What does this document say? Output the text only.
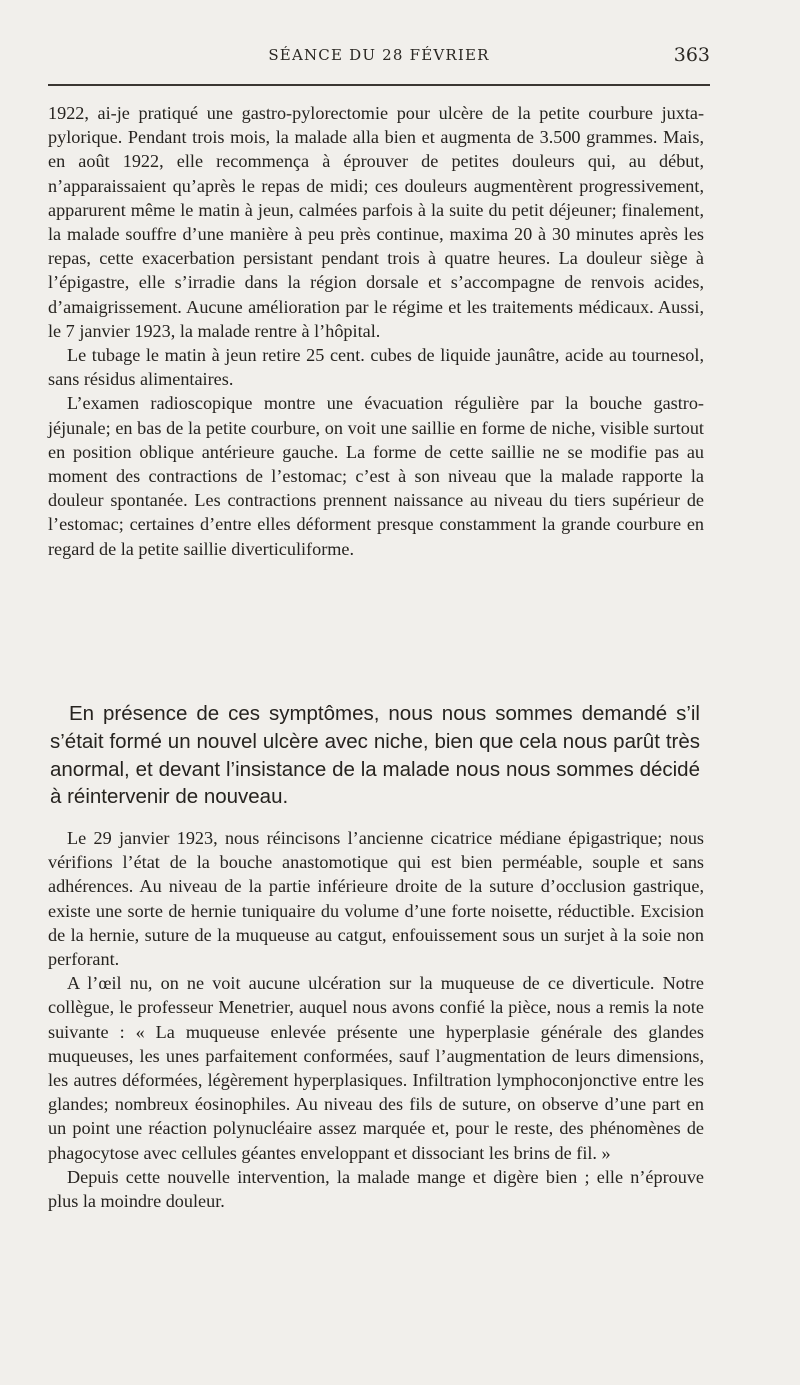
SÉANCE DU 28 FÉVRIER	363

1922, ai-je pratiqué une gastro-pylorectomie pour ulcère de la petite courbure juxta-pylorique. Pendant trois mois, la malade alla bien et augmenta de 3.500 grammes. Mais, en août 1922, elle recommença à éprouver de petites douleurs qui, au début, n’apparaissaient qu’après le repas de midi; ces douleurs augmentèrent progressivement, apparurent même le matin à jeun, calmées parfois à la suite du petit déjeuner; finalement, la malade souffre d’une manière à peu près continue, maxima 20 à 30 minutes après les repas, cette exacerbation persistant pendant trois à quatre heures. La douleur siège à l’épigastre, elle s’irradie dans la région dorsale et s’accompagne de renvois acides, d’amaigrissement. Aucune amélioration par le régime et les traitements médicaux. Aussi, le 7 janvier 1923, la malade rentre à l’hôpital.

Le tubage le matin à jeun retire 25 cent. cubes de liquide jaunâtre, acide au tournesol, sans résidus alimentaires.

L’examen radioscopique montre une évacuation régulière par la bouche gastro-jéjunale; en bas de la petite courbure, on voit une saillie en forme de niche, visible surtout en position oblique antérieure gauche. La forme de cette saillie ne se modifie pas au moment des contractions de l’estomac; c’est à son niveau que la malade rapporte la douleur spontanée. Les contractions prennent naissance au niveau du tiers supérieur de l’estomac; certaines d’entre elles déforment presque constamment la grande courbure en regard de la petite saillie diverticuliforme.

En présence de ces symptômes, nous nous sommes demandé s’il s’était formé un nouvel ulcère avec niche, bien que cela nous parût très anormal, et devant l’insistance de la malade nous nous sommes décidé à réintervenir de nouveau.

Le 29 janvier 1923, nous réincisons l’ancienne cicatrice médiane épigastrique; nous vérifions l’état de la bouche anastomotique qui est bien perméable, souple et sans adhérences. Au niveau de la partie inférieure droite de la suture d’occlusion gastrique, existe une sorte de hernie tuniquaire du volume d’une forte noisette, réductible. Excision de la hernie, suture de la muqueuse au catgut, enfouissement sous un surjet à la soie non perforant.

A l’œil nu, on ne voit aucune ulcération sur la muqueuse de ce diverticule. Notre collègue, le professeur Menetrier, auquel nous avons confié la pièce, nous a remis la note suivante : « La muqueuse enlevée présente une hyperplasie générale des glandes muqueuses, les unes parfaitement conformées, sauf l’augmentation de leurs dimensions, les autres déformées, légèrement hyperplasiques. Infiltration lymphoconjonctive entre les glandes; nombreux éosinophiles. Au niveau des fils de suture, on observe d’une part en un point une réaction polynucléaire assez marquée et, pour le reste, des phénomènes de phagocytose avec cellules géantes enveloppant et dissociant les brins de fil. »

Depuis cette nouvelle intervention, la malade mange et digère bien ; elle n’éprouve plus la moindre douleur.
